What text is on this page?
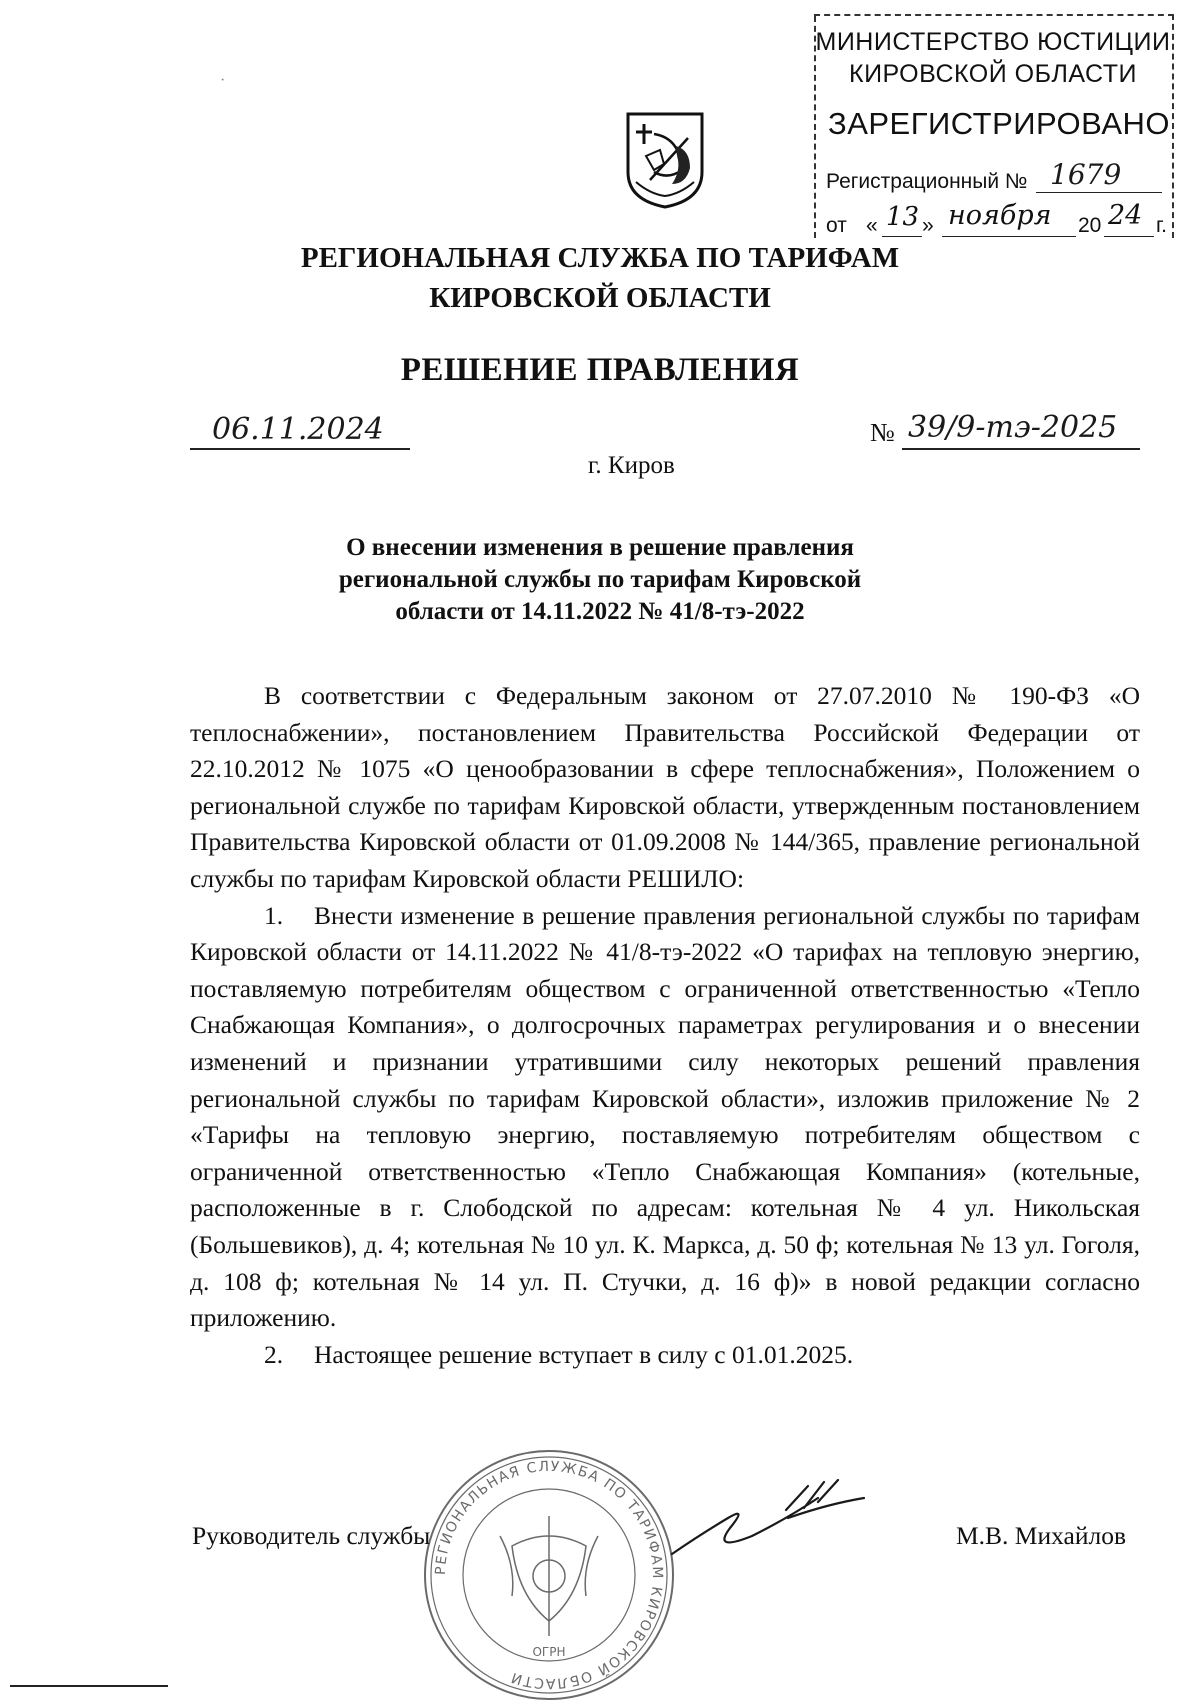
·
МИНИСТЕРСТВО ЮСТИЦИИ
КИРОВСКОЙ ОБЛАСТИ
ЗАРЕГИСТРИРОВАНО
Регистрационный № 1679
от « 13 » ноября 20 24 г.
РЕГИОНАЛЬНАЯ СЛУЖБА ПО ТАРИФАМ
КИРОВСКОЙ ОБЛАСТИ
РЕШЕНИЕ ПРАВЛЕНИЯ
06.11.2024	№ 39/9-тэ-2025
г. Киров
О внесении изменения в решение правления
региональной службы по тарифам Кировской
области от 14.11.2022 № 41/8-тэ-2022

В соответствии с Федеральным законом от 27.07.2010 № 190-ФЗ «О теплоснабжении», постановлением Правительства Российской Федерации от 22.10.2012 № 1075 «О ценообразовании в сфере теплоснабжения», Положением о региональной службе по тарифам Кировской области, утвержденным постановлением Правительства Кировской области от 01.09.2008 № 144/365, правление региональной службы по тарифам Кировской области РЕШИЛО:

1. Внести изменение в решение правления региональной службы по тарифам Кировской области от 14.11.2022 № 41/8-тэ-2022 «О тарифах на тепловую энергию, поставляемую потребителям обществом с ограниченной ответственностью «Тепло Снабжающая Компания», о долгосрочных параметрах регулирования и о внесении изменений и признании утратившими силу некоторых решений правления региональной службы по тарифам Кировской области», изложив приложение № 2 «Тарифы на тепловую энергию, поставляемую потребителям обществом с ограниченной ответственностью «Тепло Снабжающая Компания» (котельные, расположенные в г. Слободской по адресам: котельная № 4 ул. Никольская (Большевиков), д. 4; котельная № 10 ул. К. Маркса, д. 50 ф; котельная № 13 ул. Гоголя, д. 108 ф; котельная № 14 ул. П. Стучки, д. 16 ф)» в новой редакции согласно приложению.

2. Настоящее решение вступает в силу с 01.01.2025.

РЕГИОНАЛЬНАЯ СЛУЖБА ПО ТАРИФАМ КИРОВСКОЙ ОБЛАСТИ
ОГРН
Руководитель службы	М.В. Михайлов
